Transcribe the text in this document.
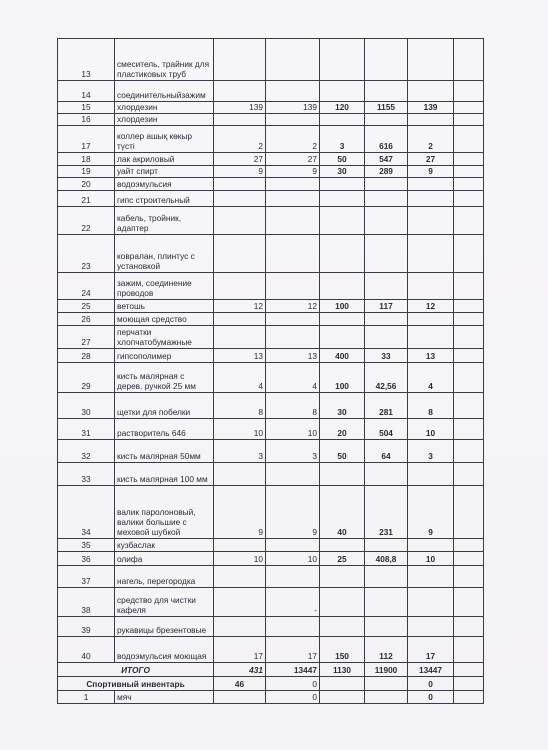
13	смеситель, трайник для пластиковых труб						
14	соединительныйзажим						
15	хлордезин	139	139	120	1155	139	
16	хлордезин						
17	коллер ашық көкыр түсті	2	2	3	616	2	
18	лак акриловый	27	27	50	547	27	
19	уайт спирт	9	9	30	289	9	
20	водоэмульсия						
21	гипс строительный						
22	кабель, тройник, адаптер						
23	ковралан, плинтус с установкой						
24	зажим, соединение проводов						
25	ветошь	12	12	100	117	12	
26	моющая средство						
27	перчатки хлопчатобумажные						
28	гипсополимер	13	13	400	33	13	
29	кисть малярная с дерев. ручкой 25 мм	4	4	100	42,56	4	
30	щетки для побелки	8	8	30	281	8	
31	растворитель 646	10	10	20	504	10	
32	кисть малярная 50мм	3	3	50	64	3	
33	кисть малярная 100 мм						
34	валик паролоновый, валики большие с меховой шубкой	9	9	40	231	9	
35	кузбаслак						
36	олифа	10	10	25	408,8	10	
37	нагель, перегородка						
38	средство для чистки кафеля		-				
39	рукавицы брезентовые						
40	водоэмульсия моющая	17	17	150	112	17	
ИТОГО		431	13447	1130	11900	13447	
Спортивный инвентарь		46	0			0	
1	мяч		0			0	
